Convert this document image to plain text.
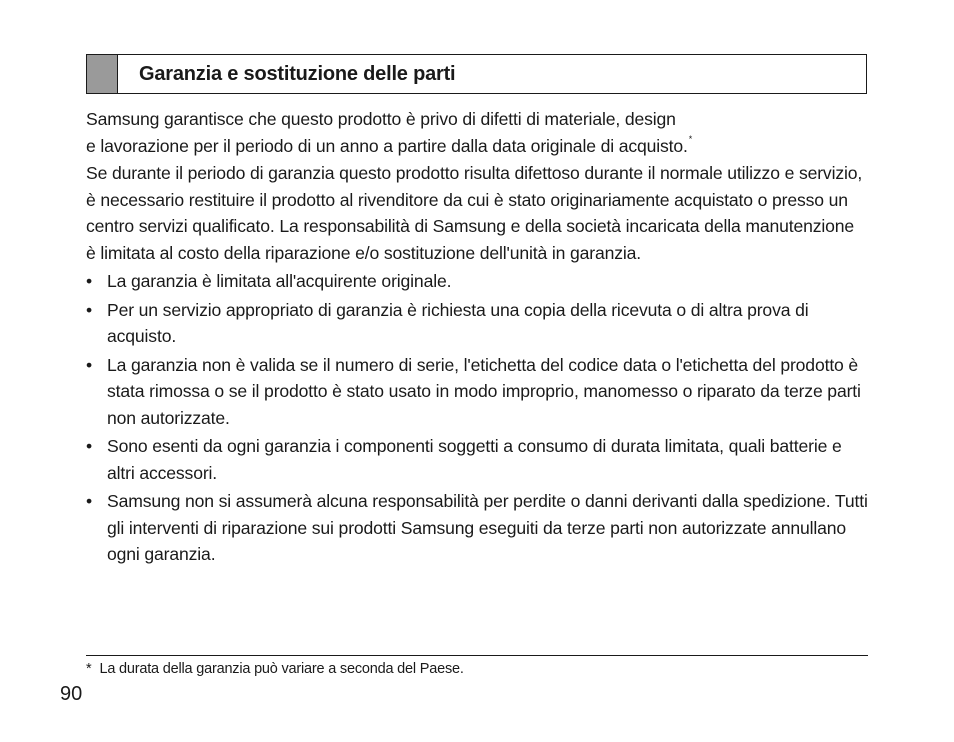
Garanzia e sostituzione delle parti

Samsung garantisce che questo prodotto è privo di difetti di materiale, design
e lavorazione per il periodo di un anno a partire dalla data originale di acquisto.*

Se durante il periodo di garanzia questo prodotto risulta difettoso durante il normale utilizzo e servizio, è necessario restituire il prodotto al rivenditore da cui è stato originariamente acquistato o presso un centro servizi qualificato. La responsabilità di Samsung e della società incaricata della manutenzione è limitata al costo della riparazione e/o sostituzione dell'unità in garanzia.

• La garanzia è limitata all'acquirente originale.
• Per un servizio appropriato di garanzia è richiesta una copia della ricevuta o di altra prova di acquisto.
• La garanzia non è valida se il numero di serie, l'etichetta del codice data o l'etichetta del prodotto è stata rimossa o se il prodotto è stato usato in modo improprio, manomesso o riparato da terze parti non autorizzate.
• Sono esenti da ogni garanzia i componenti soggetti a consumo di durata limitata, quali batterie e altri accessori.
• Samsung non si assumerà alcuna responsabilità per perdite o danni derivanti dalla spedizione. Tutti gli interventi di riparazione sui prodotti Samsung eseguiti da terze parti non autorizzate annullano ogni garanzia.
* La durata della garanzia può variare a seconda del Paese.
90
